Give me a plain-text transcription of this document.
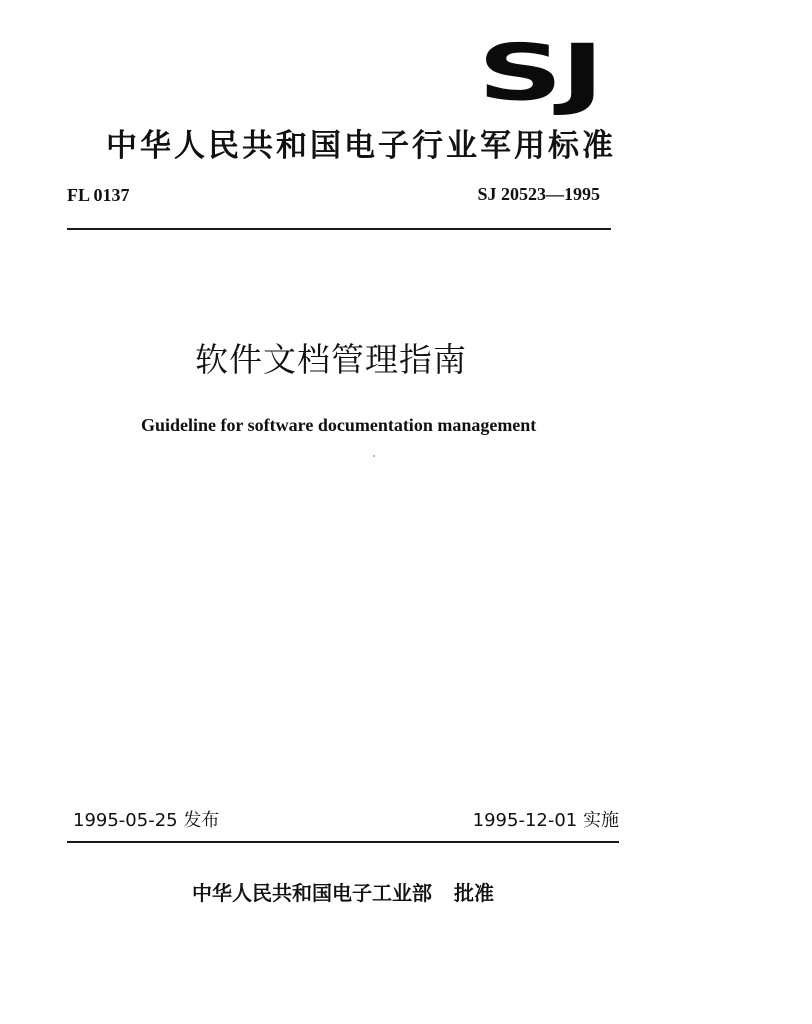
SJ
中华人民共和国电子行业军用标准
FL 0137	SJ 20523—1995
软件文档管理指南
Guideline for software documentation management
1995-05-25 发布	1995-12-01 实施
中华人民共和国电子工业部 批准
